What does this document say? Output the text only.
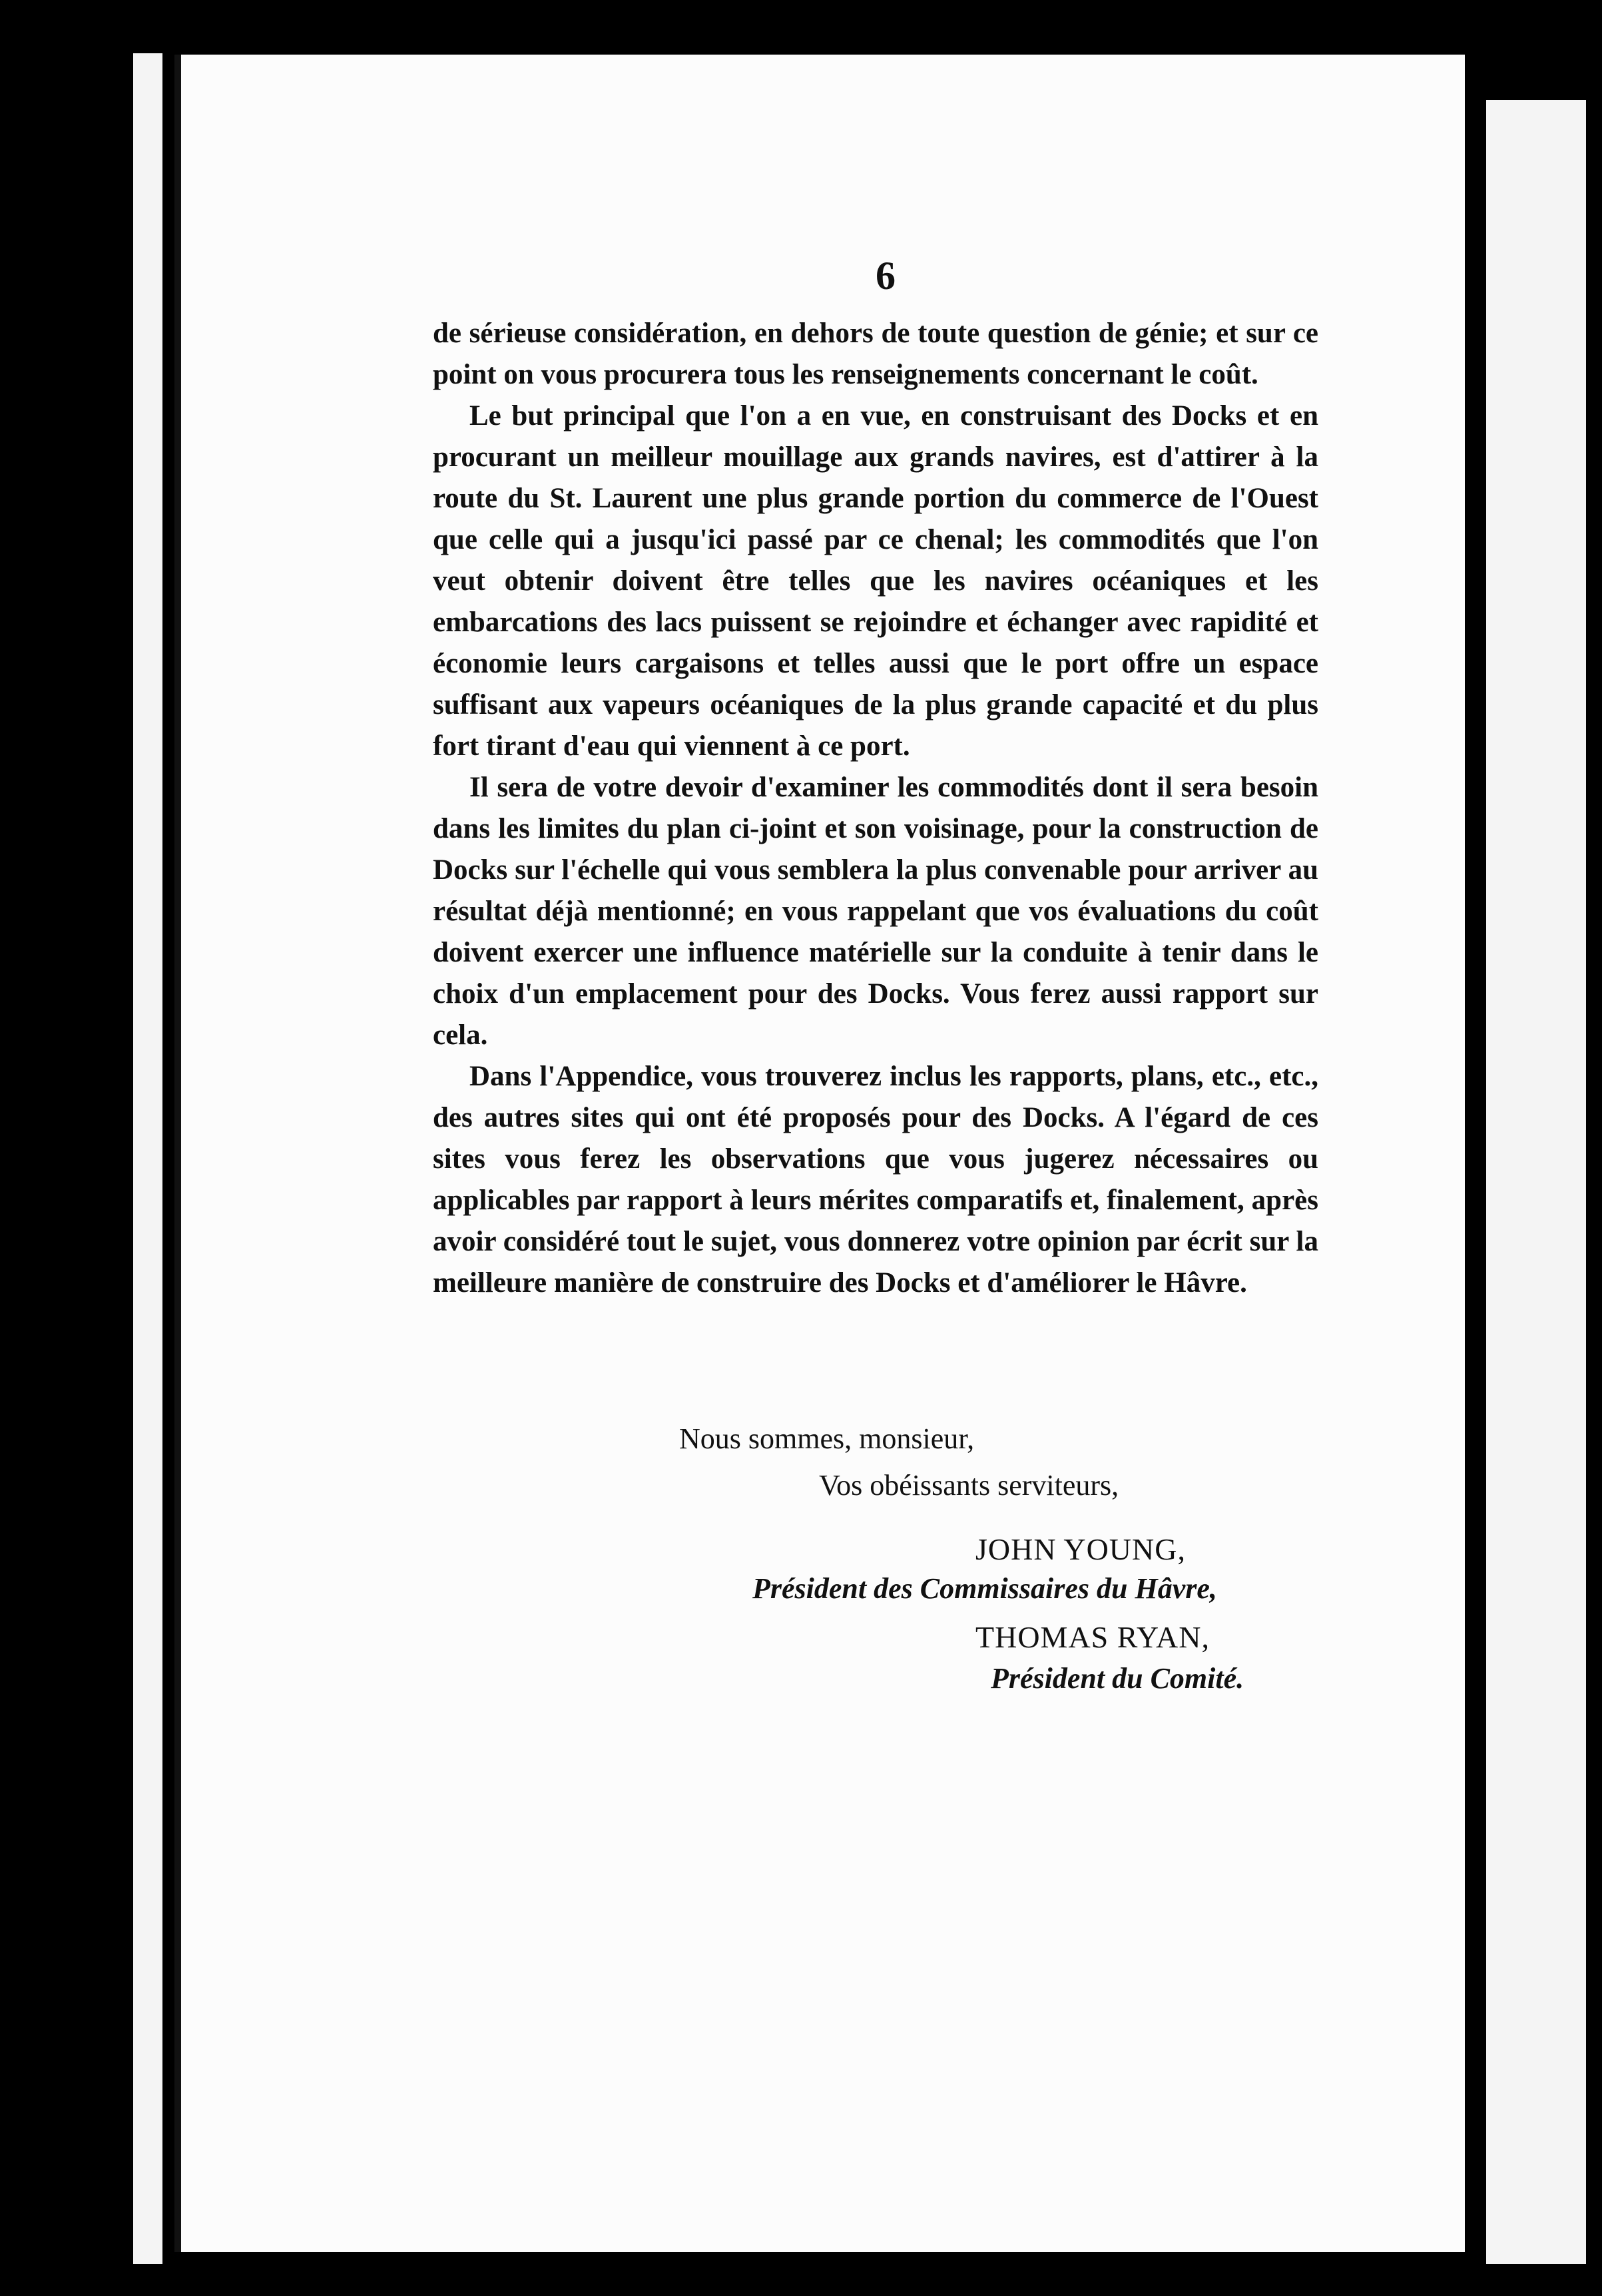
6

de sérieuse considération, en dehors de toute question de génie; et sur ce point on vous procurera tous les renseignements concernant le coût.

Le but principal que l'on a en vue, en construisant des Docks et en procurant un meilleur mouillage aux grands navires, est d'attirer à la route du St. Laurent une plus grande portion du commerce de l'Ouest que celle qui a jusqu'ici passé par ce chenal; les commodités que l'on veut obtenir doivent être telles que les navires océaniques et les embarcations des lacs puissent se rejoindre et échanger avec rapidité et économie leurs cargaisons et telles aussi que le port offre un espace suffisant aux vapeurs océaniques de la plus grande capacité et du plus fort tirant d'eau qui viennent à ce port.

Il sera de votre devoir d'examiner les commodités dont il sera besoin dans les limites du plan ci-joint et son voisinage, pour la construction de Docks sur l'échelle qui vous semblera la plus convenable pour arriver au résultat déjà mentionné; en vous rappelant que vos évaluations du coût doivent exercer une influence matérielle sur la conduite à tenir dans le choix d'un emplacement pour des Docks. Vous ferez aussi rapport sur cela.

Dans l'Appendice, vous trouverez inclus les rapports, plans, etc., etc., des autres sites qui ont été proposés pour des Docks. A l'égard de ces sites vous ferez les observations que vous jugerez nécessaires ou applicables par rapport à leurs mérites comparatifs et, finalement, après avoir considéré tout le sujet, vous donnerez votre opinion par écrit sur la meilleure manière de construire des Docks et d'améliorer le Hâvre.

Nous sommes, monsieur,
Vos obéissants serviteurs,
JOHN YOUNG,
Président des Commissaires du Hâvre,
THOMAS RYAN,
Président du Comité.
